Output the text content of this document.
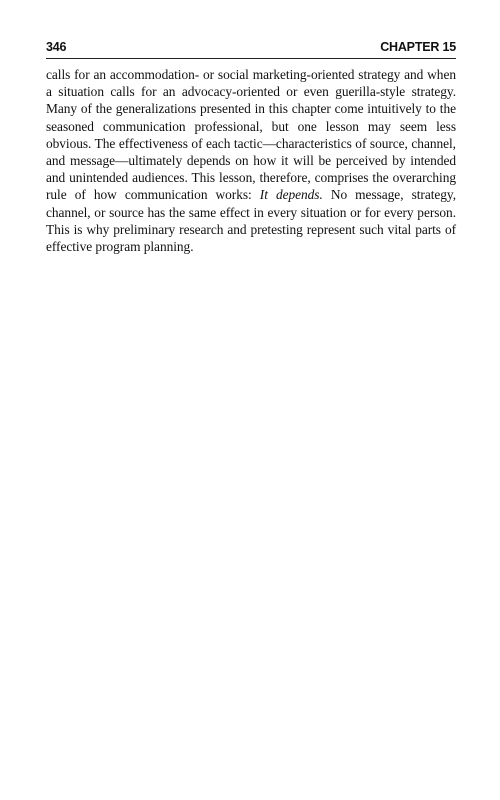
346	CHAPTER 15

calls for an accommodation- or social marketing-oriented strategy and when a situation calls for an advocacy-oriented or even guerilla-style strategy. Many of the generalizations presented in this chapter come intuitively to the seasoned communication professional, but one lesson may seem less obvious. The effectiveness of each tactic—characteristics of source, channel, and message—ultimately depends on how it will be perceived by intended and unintended audiences. This lesson, therefore, comprises the overarching rule of how communication works: It depends. No message, strategy, channel, or source has the same effect in every situation or for every person. This is why preliminary research and pretesting represent such vital parts of effective program planning.
